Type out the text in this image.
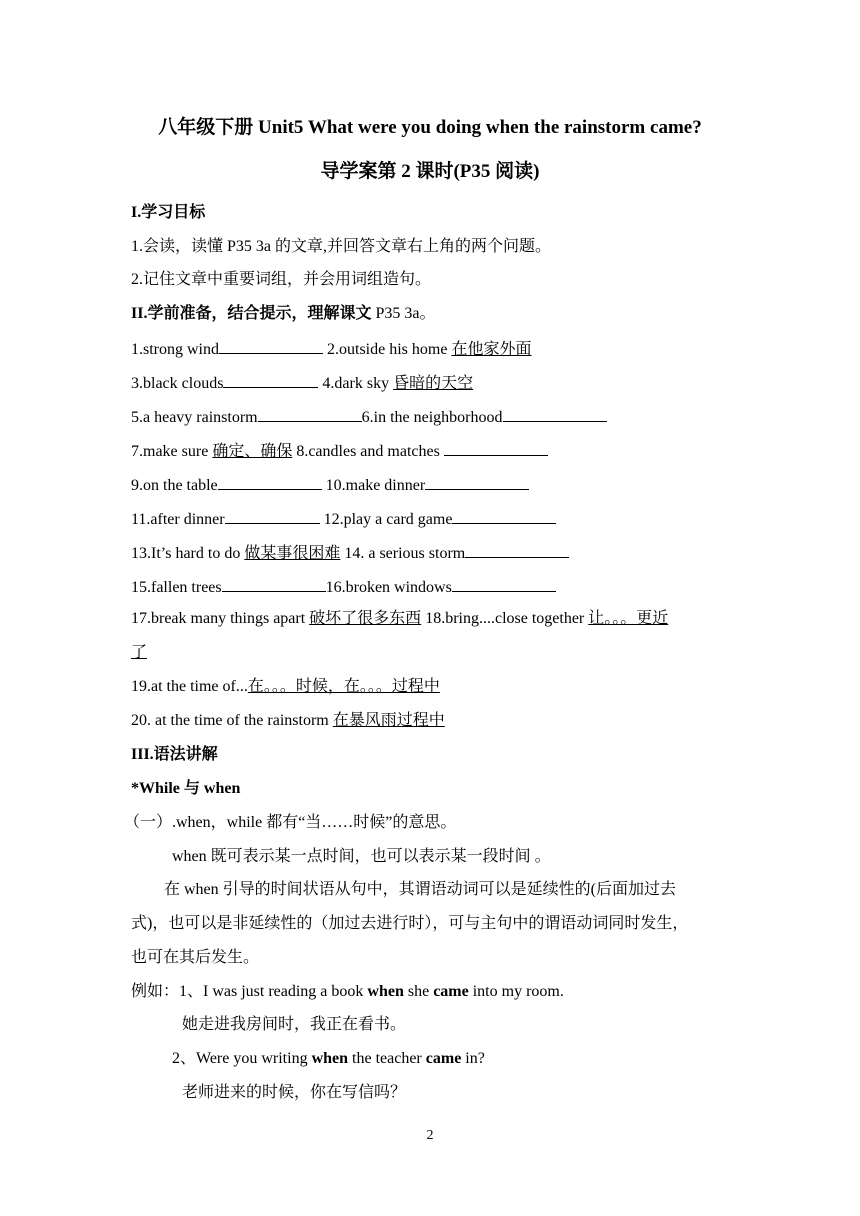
八年级下册 Unit5 What were you doing when the rainstorm came?
导学案第 2 课时(P35 阅读)
I.学习目标
1.会读，读懂 P35 3a 的文章,并回答文章右上角的两个问题。
2.记住文章中重要词组，并会用词组造句。
II.学前准备，结合提示，理解课文 P35 3a。
1.strong wind	2.outside his home 在他家外面
3.black clouds	4.dark sky 昏暗的天空
5.a heavy rainstorm	6.in the neighborhood
7.make sure 确定、确保 8.candles and matches
9.on the table	10.make dinner
11.after dinner	12.play a card game
13.It’s hard to do 做某事很困难 14. a serious storm
15.fallen trees	16.broken windows
17.break many things apart 破坏了很多东西 18.bring....close together 让。。。更近
了
19.at the time of...在。。。时候，在。。。过程中
20. at the time of the rainstorm 在暴风雨过程中
III.语法讲解
*While 与 when
（一）.when，while 都有“当……时候”的意思。
when 既可表示某一点时间，也可以表示某一段时间 。
在 when 引导的时间状语从句中，其谓语动词可以是延续性的(后面加过去
式)，也可以是非延续性的（加过去进行时），可与主句中的谓语动词同时发生，
也可在其后发生。
例如：1、I was just reading a book when she came into my room.
她走进我房间时，我正在看书。
2、Were you writing when the teacher came in?
老师进来的时候，你在写信吗？
2
